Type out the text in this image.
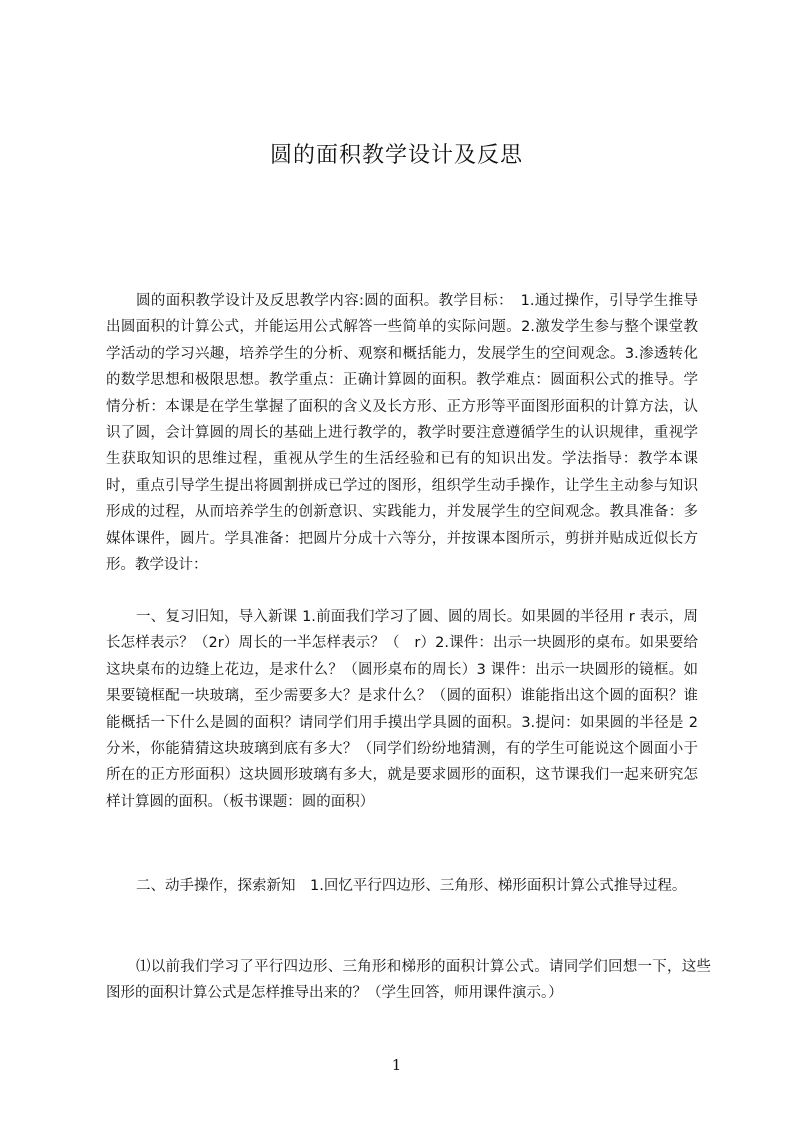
圆的面积教学设计及反思

圆的面积教学设计及反思教学内容:圆的面积。教学目标：　1.通过操作，引导学生推导出圆面积的计算公式，并能运用公式解答一些简单的实际问题。2.激发学生参与整个课堂教学活动的学习兴趣，培养学生的分析、观察和概括能力，发展学生的空间观念。3.渗透转化的数学思想和极限思想。教学重点：正确计算圆的面积。教学难点：圆面积公式的推导。学情分析：本课是在学生掌握了面积的含义及长方形、正方形等平面图形面积的计算方法，认识了圆，会计算圆的周长的基础上进行教学的，教学时要注意遵循学生的认识规律，重视学生获取知识的思维过程，重视从学生的生活经验和已有的知识出发。学法指导：教学本课时，重点引导学生提出将圆割拼成已学过的图形，组织学生动手操作，让学生主动参与知识形成的过程，从而培养学生的创新意识、实践能力，并发展学生的空间观念。教具准备：多媒体课件，圆片。学具准备：把圆片分成十六等分，并按课本图所示，剪拼并贴成近似长方形。教学设计：

一、复习旧知，导入新课 1.前面我们学习了圆、圆的周长。如果圆的半径用 r 表示，周长怎样表示？（2r）周长的一半怎样表示？（　r）2.课件：出示一块圆形的桌布。如果要给这块桌布的边缝上花边，是求什么？（圆形桌布的周长）3 课件：出示一块圆形的镜框。如果要镜框配一块玻璃，至少需要多大？是求什么？（圆的面积）谁能指出这个圆的面积？谁能概括一下什么是圆的面积？请同学们用手摸出学具圆的面积。3.提问：如果圆的半径是 2 分米，你能猜猜这块玻璃到底有多大？（同学们纷纷地猜测，有的学生可能说这个圆面小于所在的正方形面积）这块圆形玻璃有多大，就是要求圆形的面积，这节课我们一起来研究怎样计算圆的面积。（板书课题：圆的面积）

二、动手操作，探索新知　1.回忆平行四边形、三角形、梯形面积计算公式推导过程。

⑴以前我们学习了平行四边形、三角形和梯形的面积计算公式。请同学们回想一下，这些图形的面积计算公式是怎样推导出来的？（学生回答，师用课件演示。）

1
